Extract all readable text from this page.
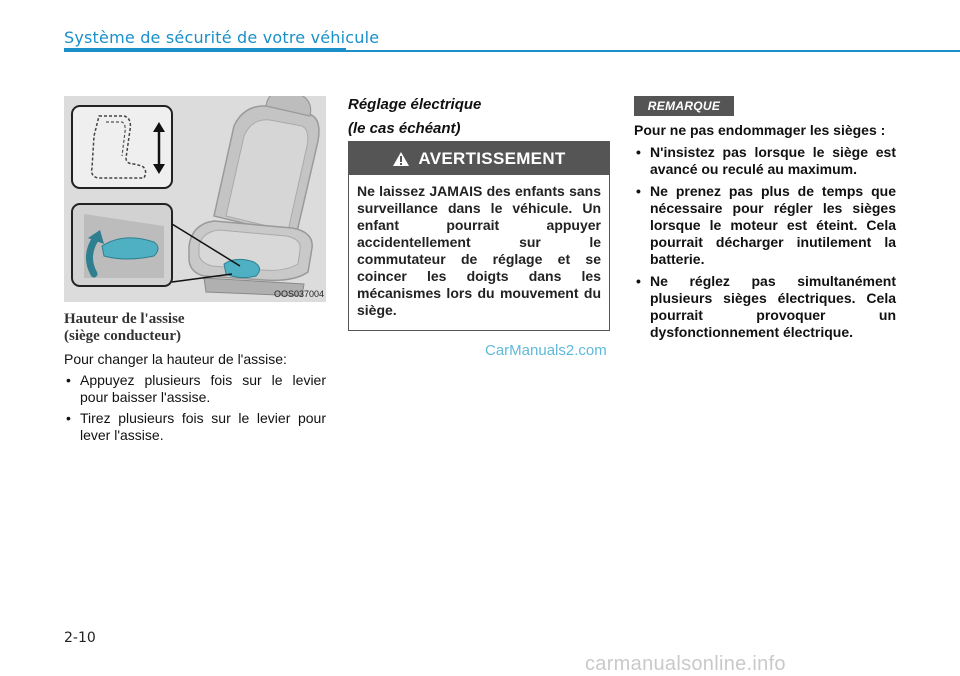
Système de sécurité de votre véhicule
OOS037004
Hauteur de l'assise
(siège conducteur)

Pour changer la hauteur de l'assise:

• Appuyez plusieurs fois sur le levier pour baisser l'assise.
• Tirez plusieurs fois sur le levier pour lever l'assise.
Réglage électrique
(le cas échéant)
AVERTISSEMENT
Ne laissez JAMAIS des enfants sans surveillance dans le véhicule. Un enfant pourrait appuyer accidentellement sur le commutateur de réglage et se coincer les doigts dans les mécanismes lors du mouvement du siège.
CarManuals2.com
REMARQUE

Pour ne pas endommager les sièges :

• N'insistez pas lorsque le siège est avancé ou reculé au maximum.
• Ne prenez pas plus de temps que nécessaire pour régler les sièges lorsque le moteur est éteint. Cela pourrait décharger inutilement la batterie.
• Ne réglez pas simultanément plusieurs sièges électriques. Cela pourrait provoquer un dysfonctionnement électrique.
2-10
carmanualsonline.info
